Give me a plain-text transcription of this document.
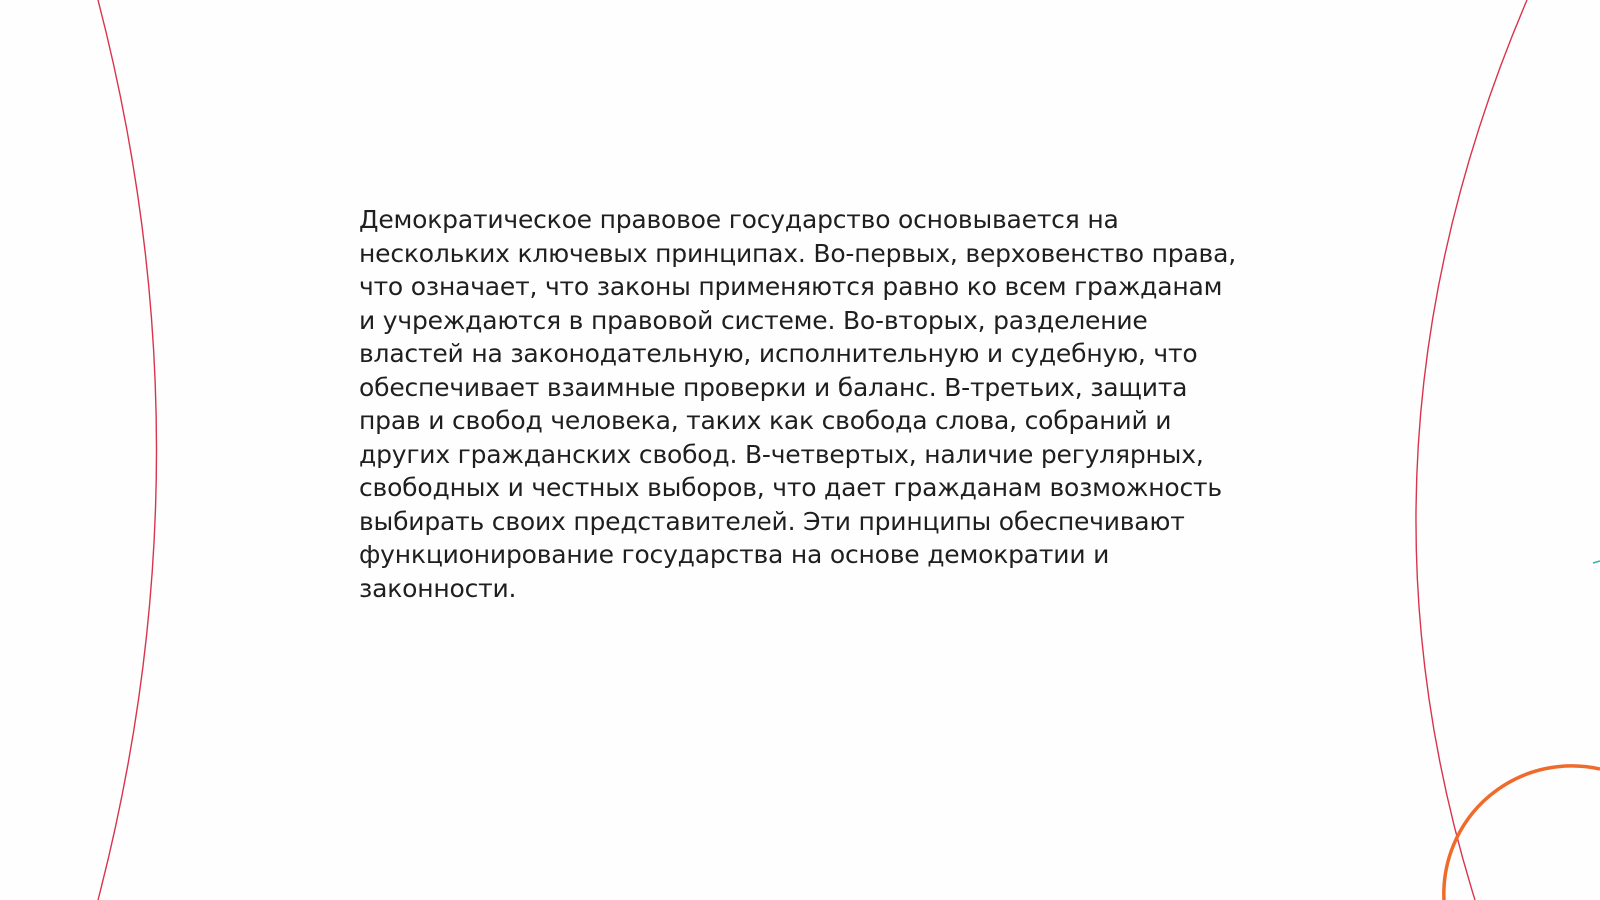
Демократическое правовое государство основывается на нескольких ключевых принципах. Во-первых, верховенство права, что означает, что законы применяются равно ко всем гражданам и учреждаются в правовой системе. Во-вторых, разделение властей на законодательную, исполнительную и судебную, что обеспечивает взаимные проверки и баланс. В-третьих, защита прав и свобод человека, таких как свобода слова, собраний и других гражданских свобод. В-четвертых, наличие регулярных, свободных и честных выборов, что дает гражданам возможность выбирать своих представителей. Эти принципы обеспечивают функционирование государства на основе демократии и законности.
